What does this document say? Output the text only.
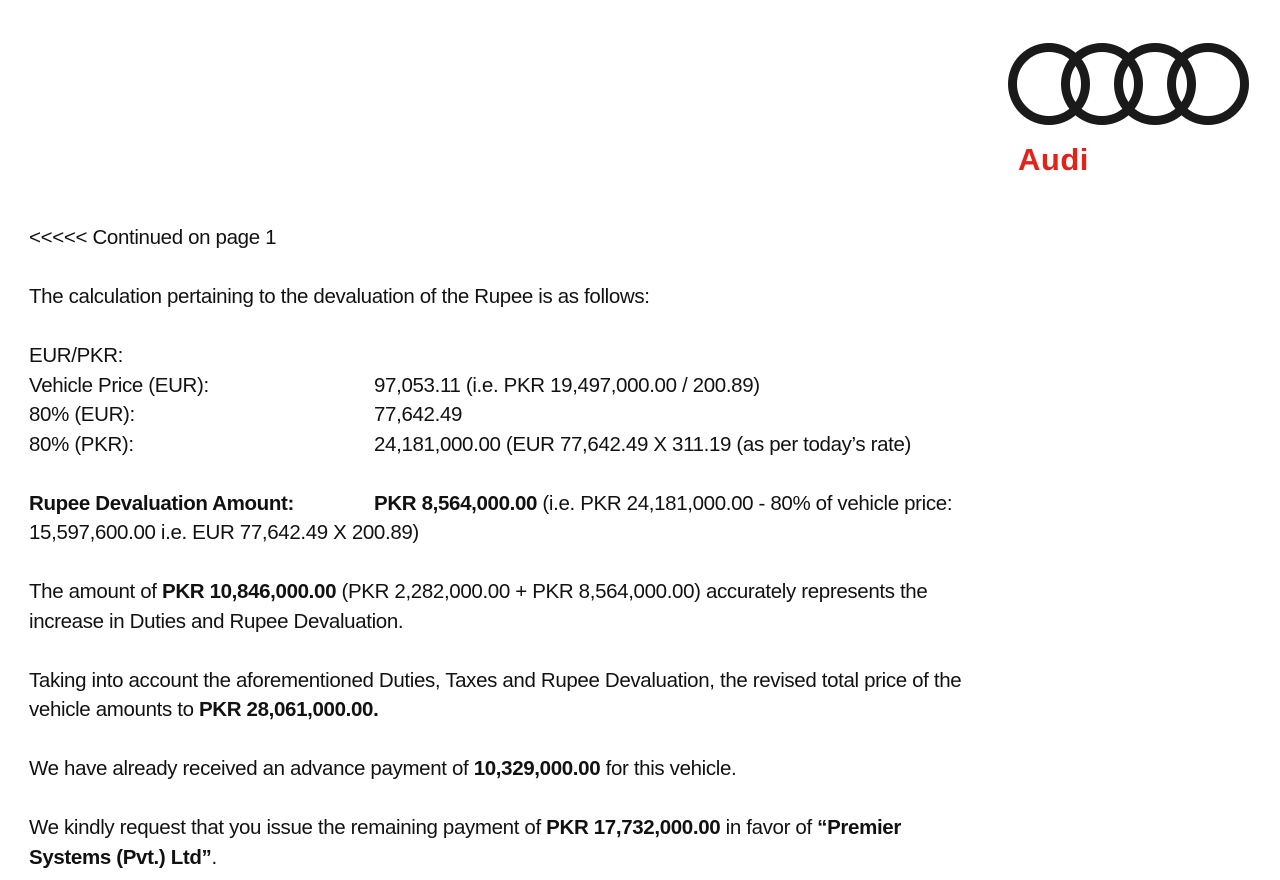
Audi
<<<<< Continued on page 1
The calculation pertaining to the devaluation of the Rupee is as follows:
EUR/PKR:
Vehicle Price (EUR):	97,053.11 (i.e. PKR 19,497,000.00 / 200.89)
80% (EUR):	77,642.49
80% (PKR):	24,181,000.00 (EUR 77,642.49 X 311.19 (as per today’s rate)
Rupee Devaluation Amount:	PKR 8,564,000.00 (i.e. PKR 24,181,000.00 - 80% of vehicle price:
15,597,600.00 i.e. EUR 77,642.49 X 200.89)
The amount of PKR 10,846,000.00 (PKR 2,282,000.00 + PKR 8,564,000.00) accurately represents the
increase in Duties and Rupee Devaluation.
Taking into account the aforementioned Duties, Taxes and Rupee Devaluation, the revised total price of the
vehicle amounts to PKR 28,061,000.00.
We have already received an advance payment of 10,329,000.00 for this vehicle.
We kindly request that you issue the remaining payment of PKR 17,732,000.00 in favor of “Premier
Systems (Pvt.) Ltd”.
